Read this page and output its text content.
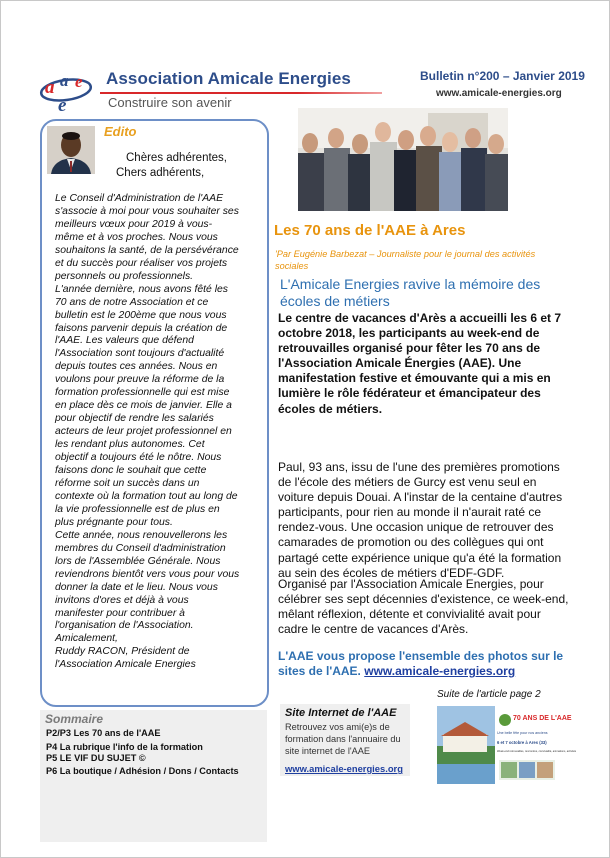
a a e
e
Association Amicale Energies
Construire son avenir
Bulletin n°200 – Janvier 2019
www.amicale-energies.org
Edito
Chères adhérentes,
Chers adhérents,

Le Conseil d'Administration de l'AAE

s'associe à moi pour vous souhaiter ses

meilleurs vœux pour 2019 à vous-

même et à vos proches. Nous vous

souhaitons la santé, de la persévérance

et du succès pour réaliser vos projets

personnels ou professionnels.

L'année dernière, nous avons fêté les

70 ans de notre Association et ce

bulletin est le 200ème que nous vous

faisons parvenir depuis la création de

l'AAE. Les valeurs que défend

l'Association sont toujours d'actualité

depuis toutes ces années. Nous en

voulons pour preuve la réforme de la

formation professionnelle qui est mise

en place dès ce mois de janvier. Elle a

pour objectif de rendre les salariés

acteurs de leur projet professionnel en

les rendant plus autonomes. Cet

objectif a toujours été le nôtre. Nous

faisons donc le souhait que cette

réforme soit un succès dans un

contexte où la formation tout au long de

la vie professionnelle est de plus en

plus prégnante pour tous.

Cette année, nous renouvellerons les

membres du Conseil d'administration

lors de l'Assemblée Générale. Nous

reviendrons bientôt vers vous pour vous

donner la date et le lieu. Nous vous

invitons d'ores et déjà à vous

manifester pour contribuer à

l'organisation de l'Association.

Amicalement,

Ruddy RACON, Président de

l'Association Amicale Energies

Sommaire
P2/P3 Les 70 ans de l'AAE
P4 La rubrique l'info de la formation
P5 LE VIF DU SUJET ©
P6 La boutique / Adhésion / Dons / Contacts
Les 70 ans de l'AAE à Ares
'Par Eugénie Barbezat – Journaliste pour le journal des activités sociales
L'Amicale Energies ravive la mémoire des écoles de métiers
Le centre de vacances d'Arès a accueilli les 6 et 7 octobre 2018, les participants au week-end de retrouvailles organisé pour fêter les 70 ans de l'Association Amicale Énergies (AAE). Une manifestation festive et émouvante qui a mis en lumière le rôle fédérateur et émancipateur des écoles de métiers.
Paul, 93 ans, issu de l'une des premières promotions de l'école des métiers de Gurcy est venu seul en voiture depuis Douai. A l'instar de la centaine d'autres participants, pour rien au monde il n'aurait raté ce rendez-vous. Une occasion unique de retrouver des camarades de promotion ou des collègues qui ont partagé cette expérience unique qu'a été la formation au sein des écoles de métiers d'EDF-GDF.
Organisé par l'Association Amicale Energies, pour célébrer ses sept décennies d'existence, ce week-end, mêlant réflexion, détente et convivialité avait pour cadre le centre de vacances d'Arès.
L'AAE vous propose l'ensemble des photos sur le sites de l'AAE. www.amicale-energies.org
Suite de l'article page 2
Site Internet de l'AAE
Retrouvez vos ami(e)s de formation dans l'annuaire du site internet de l'AAE
www.amicale-energies.org
70 ANS DE L'AAE
Une belle fête pour nos anciens
6 et 7 octobre à Ares (33)
Week-end retrouvailles, rencontres, convivialité, animations, activités
